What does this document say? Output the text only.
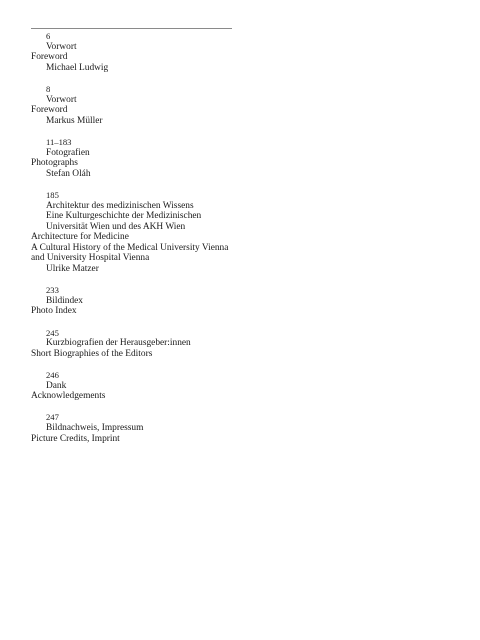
6
Vorwort
Foreword
Michael Ludwig
8
Vorwort
Foreword
Markus Müller
11–183
Fotografien
Photographs
Stefan Oláh
185
Architektur des medizinischen Wissens
Eine Kulturgeschichte der Medizinischen
Universität Wien und des AKH Wien
Architecture for Medicine
A Cultural History of the Medical University Vienna
and University Hospital Vienna
Ulrike Matzer
233
Bildindex
Photo Index
245
Kurzbiografien der Herausgeber:innen
Short Biographies of the Editors
246
Dank
Acknowledgements
247
Bildnachweis, Impressum
Picture Credits, Imprint
